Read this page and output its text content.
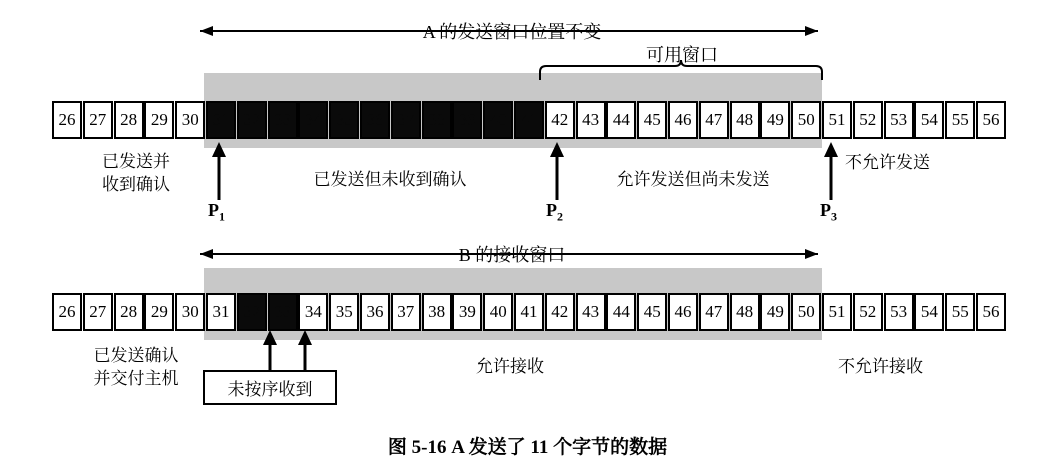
A 的发送窗口位置不变
可用窗口
B 的接收窗口
26 27 28 29 30 31 32 33 34 35 36 37 38 39 40 41 42 43 44 45 46 47 48 49 50 51 52 53 54 55 56
已发送并
收到确认	已发送但未收到确认	允许发送但尚未发送
不允许发送
$P_1$	$P_2$	$P_3$
26 27 28 29 30 31 32 33 34 35 36 37 38 39 40 41 42 43 44 45 46 47 48 49 50 51 52 53 54 55 56
已发送确认
并交付主机
允许接收	不允许接收
未按序收到
图 5-16 A 发送了 11 个字节的数据
